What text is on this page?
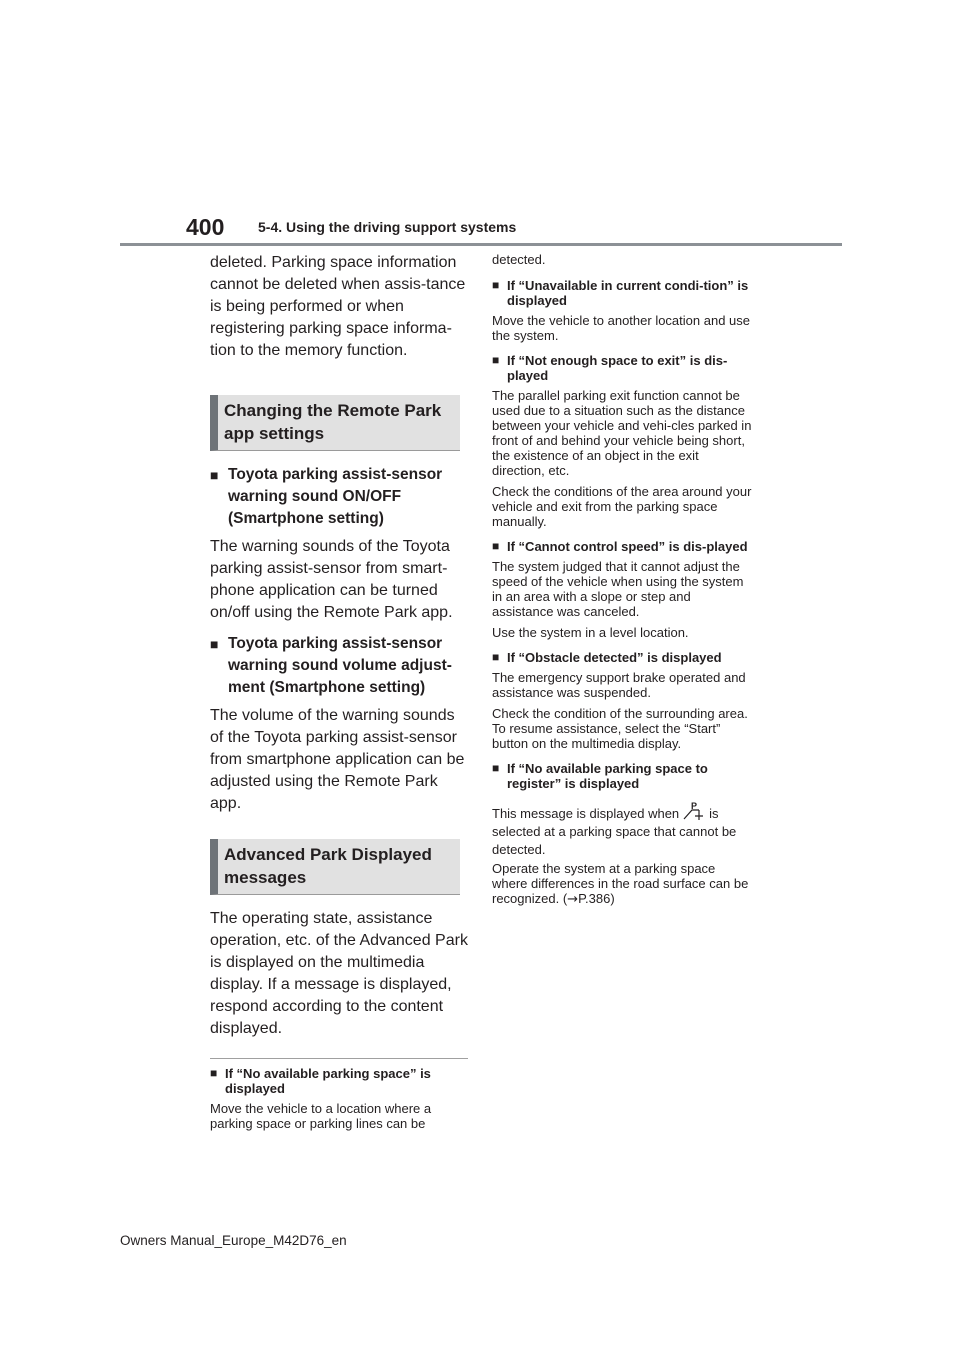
400 5-4. Using the driving support systems

deleted. Parking space information cannot be deleted when assis-tance is being performed or when registering parking space informa-tion to the memory function.

Changing the Remote Park app settings
■ Toyota parking assist-sensor warning sound ON/OFF (Smartphone setting)

The warning sounds of the Toyota parking assist-sensor from smart-phone application can be turned on/off using the Remote Park app.

■ Toyota parking assist-sensor warning sound volume adjust-ment (Smartphone setting)

The volume of the warning sounds of the Toyota parking assist-sensor from smartphone application can be adjusted using the Remote Park app.

Advanced Park Displayed messages

The operating state, assistance operation, etc. of the Advanced Park is displayed on the multimedia display. If a message is displayed, respond according to the content displayed.

■ If “No available parking space” is displayed

Move the vehicle to a location where a parking space or parking lines can be

detected.

■ If “Unavailable in current condi-tion” is displayed

Move the vehicle to another location and use the system.

■ If “Not enough space to exit” is dis-played

The parallel parking exit function cannot be used due to a situation such as the distance between your vehicle and vehi-cles parked in front of and behind your vehicle being short, the existence of an object in the exit direction, etc.

Check the conditions of the area around your vehicle and exit from the parking space manually.

■ If “Cannot control speed” is dis-played

The system judged that it cannot adjust the speed of the vehicle when using the system in an area with a slope or step and assistance was canceled.

Use the system in a level location.

■ If “Obstacle detected” is displayed

The emergency support brake operated and assistance was suspended.

Check the condition of the surrounding area. To resume assistance, select the “Start” button on the multimedia display.

■ If “No available parking space to register” is displayed

This message is displayed when P is
selected at a parking space that cannot be detected.

Operate the system at a parking space where differences in the road surface can be recognized. (→P.386)

Owners Manual_Europe_M42D76_en
